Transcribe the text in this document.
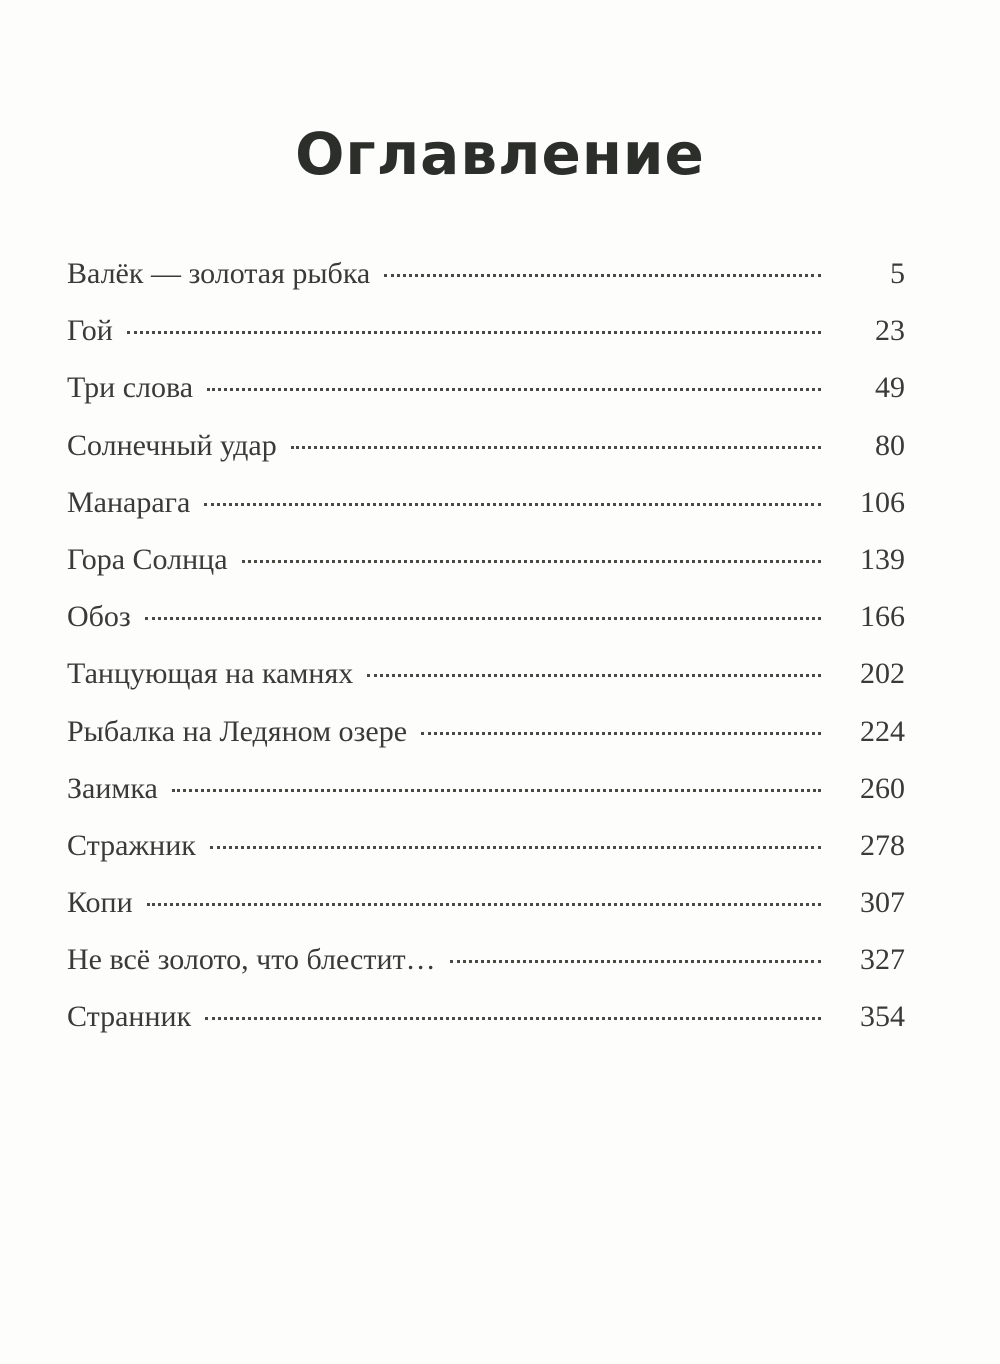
Оглавление
Валёк — золотая рыбка	5
Гой	23
Три слова	49
Солнечный удар	80
Манарага	106
Гора Солнца	139
Обоз	166
Танцующая на камнях	202
Рыбалка на Ледяном озере	224
Заимка	260
Стражник	278
Копи	307
Не всё золото, что блестит…	327
Странник	354
